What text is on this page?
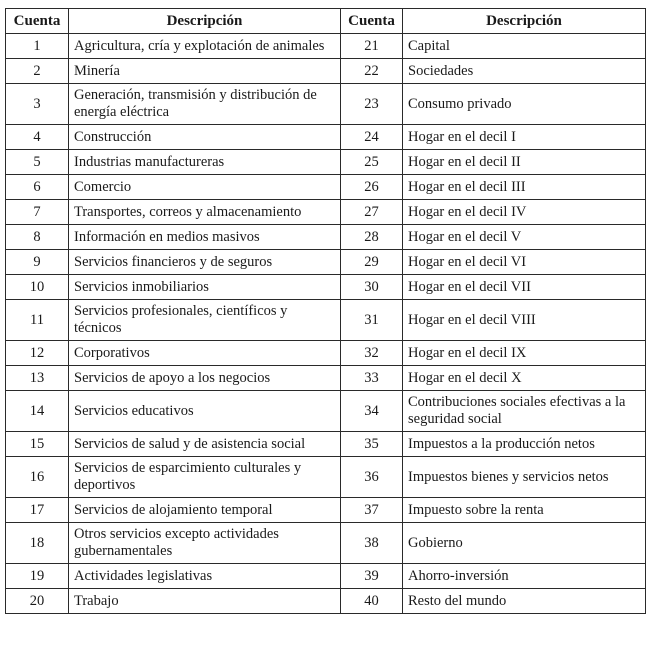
Cuenta	Descripción	Cuenta	Descripción
1	Agricultura, cría y explotación de animales	21	Capital
2	Minería	22	Sociedades
3	Generación, transmisión y distribución de energía eléctrica	23	Consumo privado
4	Construcción	24	Hogar en el decil I
5	Industrias manufactureras	25	Hogar en el decil II
6	Comercio	26	Hogar en el decil III
7	Transportes, correos y almacenamiento	27	Hogar en el decil IV
8	Información en medios masivos	28	Hogar en el decil V
9	Servicios financieros y de seguros	29	Hogar en el decil VI
10	Servicios inmobiliarios	30	Hogar en el decil VII
11	Servicios profesionales, científicos y técnicos	31	Hogar en el decil VIII
12	Corporativos	32	Hogar en el decil IX
13	Servicios de apoyo a los negocios	33	Hogar en el decil X
14	Servicios educativos	34	Contribuciones sociales efectivas a la seguridad social
15	Servicios de salud y de asistencia social	35	Impuestos a la producción netos
16	Servicios de esparcimiento culturales y deportivos	36	Impuestos bienes y servicios netos
17	Servicios de alojamiento temporal	37	Impuesto sobre la renta
18	Otros servicios excepto actividades gubernamentales	38	Gobierno
19	Actividades legislativas	39	Ahorro-inversión
20	Trabajo	40	Resto del mundo
